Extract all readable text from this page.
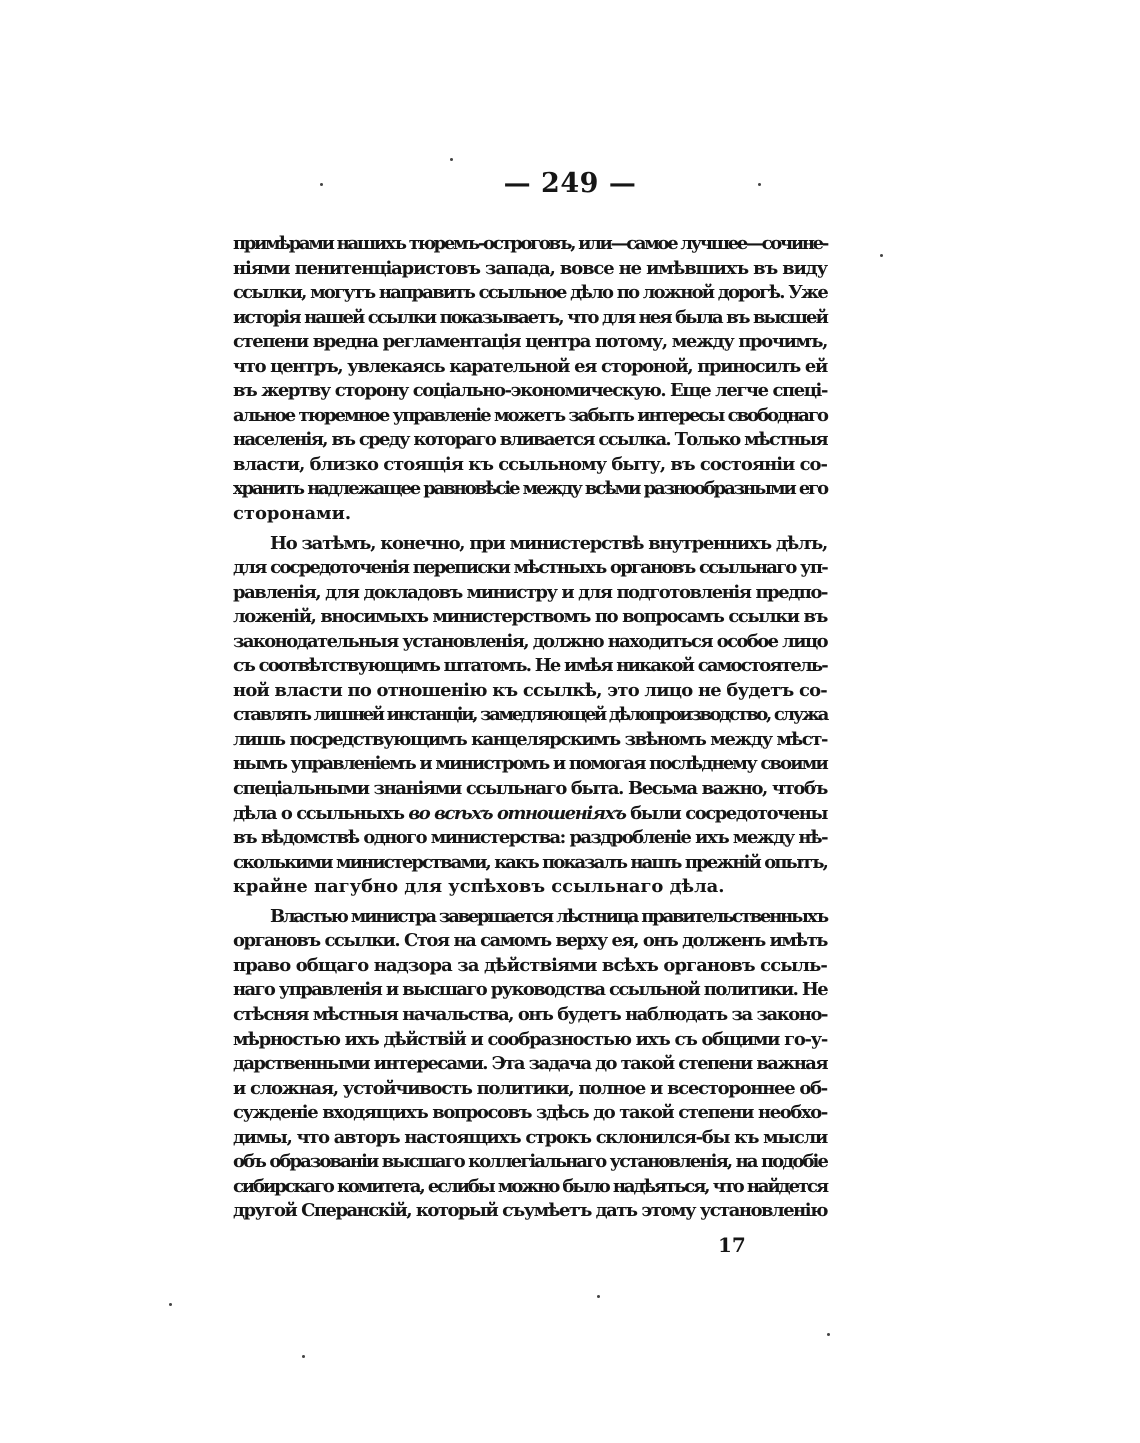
— 249 —
примѣрами нашихъ тюремъ-остроговъ, или—самое лучшее—сочине-
ніями пенитенціаристовъ запада, вовсе не имѣвшихъ въ виду
ссылки, могутъ направить ссыльное дѣло по ложной дорогѣ. Уже
исторія нашей ссылки показываетъ, что для нея была въ высшей
степени вредна регламентація центра потому, между прочимъ,
что центръ, увлекаясь карательной ея стороной, приносилъ ей
въ жертву сторону соціально-экономическую. Еще легче спеці-
альное тюремное управленіе можетъ забыть интересы свободнаго
населенія, въ среду котораго вливается ссылка. Только мѣстныя
власти, близко стоящія къ ссыльному быту, въ состояніи со-
хранить надлежащее равновѣсіе между всѣми разнообразными его
сторонами.
Но затѣмъ, конечно, при министерствѣ внутреннихъ дѣлъ,
для сосредоточенія переписки мѣстныхъ органовъ ссыльнаго уп-
равленія, для докладовъ министру и для подготовленія предпо-
ложеній, вносимыхъ министерствомъ по вопросамъ ссылки въ
законодательныя установленія, должно находиться особое лицо
съ соотвѣтствующимъ штатомъ. Не имѣя никакой самостоятель-
ной власти по отношенію къ ссылкѣ, это лицо не будетъ со-
ставлять лишней инстанціи, замедляющей дѣлопроизводство, служа
лишь посредствующимъ канцелярскимъ звѣномъ между мѣст-
нымъ управленіемъ и министромъ и помогая послѣднему своими
спеціальными знаніями ссыльнаго быта. Весьма важно, чтобъ
дѣла о ссыльныхъ во всѣхъ отношеніяхъ были сосредоточены
въ вѣдомствѣ одного министерства: раздробленіе ихъ между нѣ-
сколькими министерствами, какъ показалъ нашъ прежній опытъ,
крайне пагубно для успѣховъ ссыльнаго дѣла.
Властью министра завершается лѣстница правительственныхъ
органовъ ссылки. Стоя на самомъ верху ея, онъ долженъ имѣть
право общаго надзора за дѣйствіями всѣхъ органовъ ссыль-
наго управленія и высшаго руководства ссыльной политики. Не
стѣсняя мѣстныя начальства, онъ будетъ наблюдать за законо-
мѣрностью ихъ дѣйствій и сообразностью ихъ съ общими го-у-
дарственными интересами. Эта задача до такой степени важная
и сложная, устойчивость политики, полное и всестороннее об-
сужденіе входящихъ вопросовъ здѣсь до такой степени необхо-
димы, что авторъ настоящихъ строкъ склонился-бы къ мысли
объ образованіи высшаго коллегіальнаго установленія, на подобіе
сибирскаго комитета, еслибы можно было надѣяться, что найдется
другой Сперанскій, который съумѣетъ дать этому установленію
17
